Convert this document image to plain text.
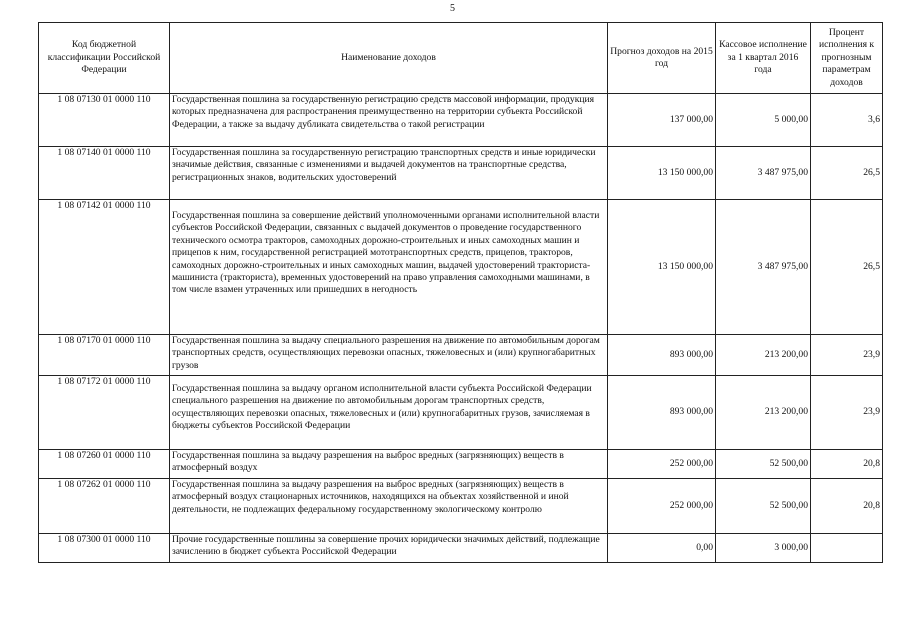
5
Код бюджетной классификации Российской Федерации	Наименование доходов	Прогноз доходов на 2015 год	Кассовое исполнение за 1 квартал 2016 года	Процент исполнения к прогнозным параметрам доходов
1 08 07130 01 0000 110	Государственная пошлина за государственную регистрацию средств массовой информации, продукция которых предназначена для распространения преимущественно на территории субъекта Российской Федерации, а также за выдачу дубликата свидетельства о такой регистрации	137 000,00	5 000,00	3,6
1 08 07140 01 0000 110	Государственная пошлина за государственную регистрацию транспортных средств и иные юридически значимые действия, связанные с изменениями и выдачей документов на транспортные средства, регистрационных знаков, водительских удостоверений	13 150 000,00	3 487 975,00	26,5
1 08 07142 01 0000 110	Государственная пошлина за совершение действий уполномоченными органами исполнительной власти субъектов Российской Федерации, связанных с выдачей документов о проведение государственного технического осмотра тракторов, самоходных дорожно-строительных и иных самоходных машин и прицепов к ним, государственной регистрацией мототранспортных средств, прицепов, тракторов, самоходных дорожно-строительных и иных самоходных машин, выдачей удостоверений тракториста-машиниста (тракториста), временных удостоверений на право управления самоходными машинами, в том числе взамен утраченных или пришедших в негодность	13 150 000,00	3 487 975,00	26,5
1 08 07170 01 0000 110	Государственная пошлина за выдачу специального разрешения на движение по автомобильным дорогам транспортных средств, осуществляющих перевозки опасных, тяжеловесных и (или) крупногабаритных грузов	893 000,00	213 200,00	23,9
1 08 07172 01 0000 110	Государственная пошлина за выдачу органом исполнительной власти субъекта Российской Федерации специального разрешения на движение по автомобильным дорогам транспортных средств, осуществляющих перевозки опасных, тяжеловесных и (или) крупногабаритных грузов, зачисляемая в бюджеты субъектов Российской Федерации	893 000,00	213 200,00	23,9
1 08 07260 01 0000 110	Государственная пошлина за выдачу разрешения на выброс вредных (загрязняющих) веществ в атмосферный воздух	252 000,00	52 500,00	20,8
1 08 07262 01 0000 110	Государственная пошлина за выдачу разрешения на выброс вредных (загрязняющих) веществ в атмосферный воздух стационарных источников, находящихся на объектах хозяйственной и иной деятельности, не подлежащих федеральному государственному экологическому контролю	252 000,00	52 500,00	20,8
1 08 07300 01 0000 110	Прочие государственные пошлины за совершение прочих юридически значимых действий, подлежащие зачислению в бюджет субъекта Российской Федерации	0,00	3 000,00	
